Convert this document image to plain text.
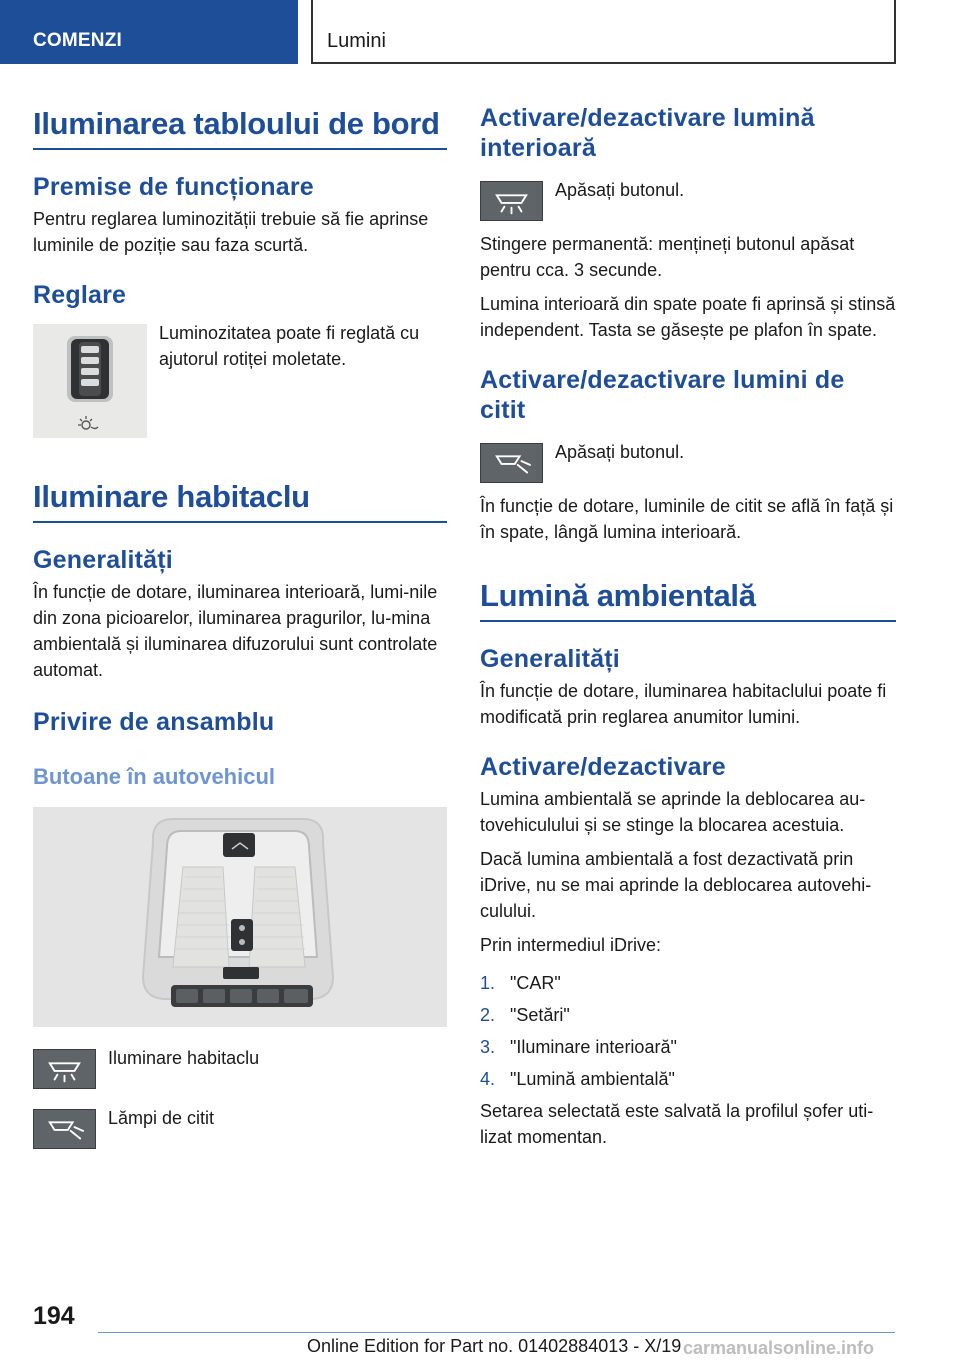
COMENZI	Lumini
Iluminarea tabloului de bord
Premise de funcționare

Pentru reglarea luminozității trebuie să fie aprinse luminile de poziție sau faza scurtă.

Reglare

Luminozitatea poate fi reglată cu ajutorul rotiței moletate.

Iluminare habitaclu
Generalități

În funcție de dotare, iluminarea interioară, lumi-nile din zona picioarelor, iluminarea pragurilor, lu-mina ambientală și iluminarea difuzorului sunt controlate automat.

Privire de ansamblu
Butoane în autovehicul

Iluminare habitaclu

Lămpi de citit

Activare/dezactivare lumină interioară

Apăsați butonul.

Stingere permanentă: mențineți butonul apăsat pentru cca. 3 secunde.

Lumina interioară din spate poate fi aprinsă și stinsă independent. Tasta se găsește pe plafon în spate.

Activare/dezactivare lumini de citit

Apăsați butonul.

În funcție de dotare, luminile de citit se află în față și în spate, lângă lumina interioară.

Lumină ambientală
Generalități

În funcție de dotare, iluminarea habitaclului poate fi modificată prin reglarea anumitor lumini.

Activare/dezactivare

Lumina ambientală se aprinde la deblocarea au-tovehiculului și se stinge la blocarea acestuia.

Dacă lumina ambientală a fost dezactivată prin iDrive, nu se mai aprinde la deblocarea autovehi-culului.

Prin intermediul iDrive:

1. "CAR"
2. "Setări"
3. "Iluminare interioară"
4. "Lumină ambientală"

Setarea selectată este salvată la profilul șofer uti-lizat momentan.

194
Online Edition for Part no. 01402884013 - X/19 carmanualsonline.info
